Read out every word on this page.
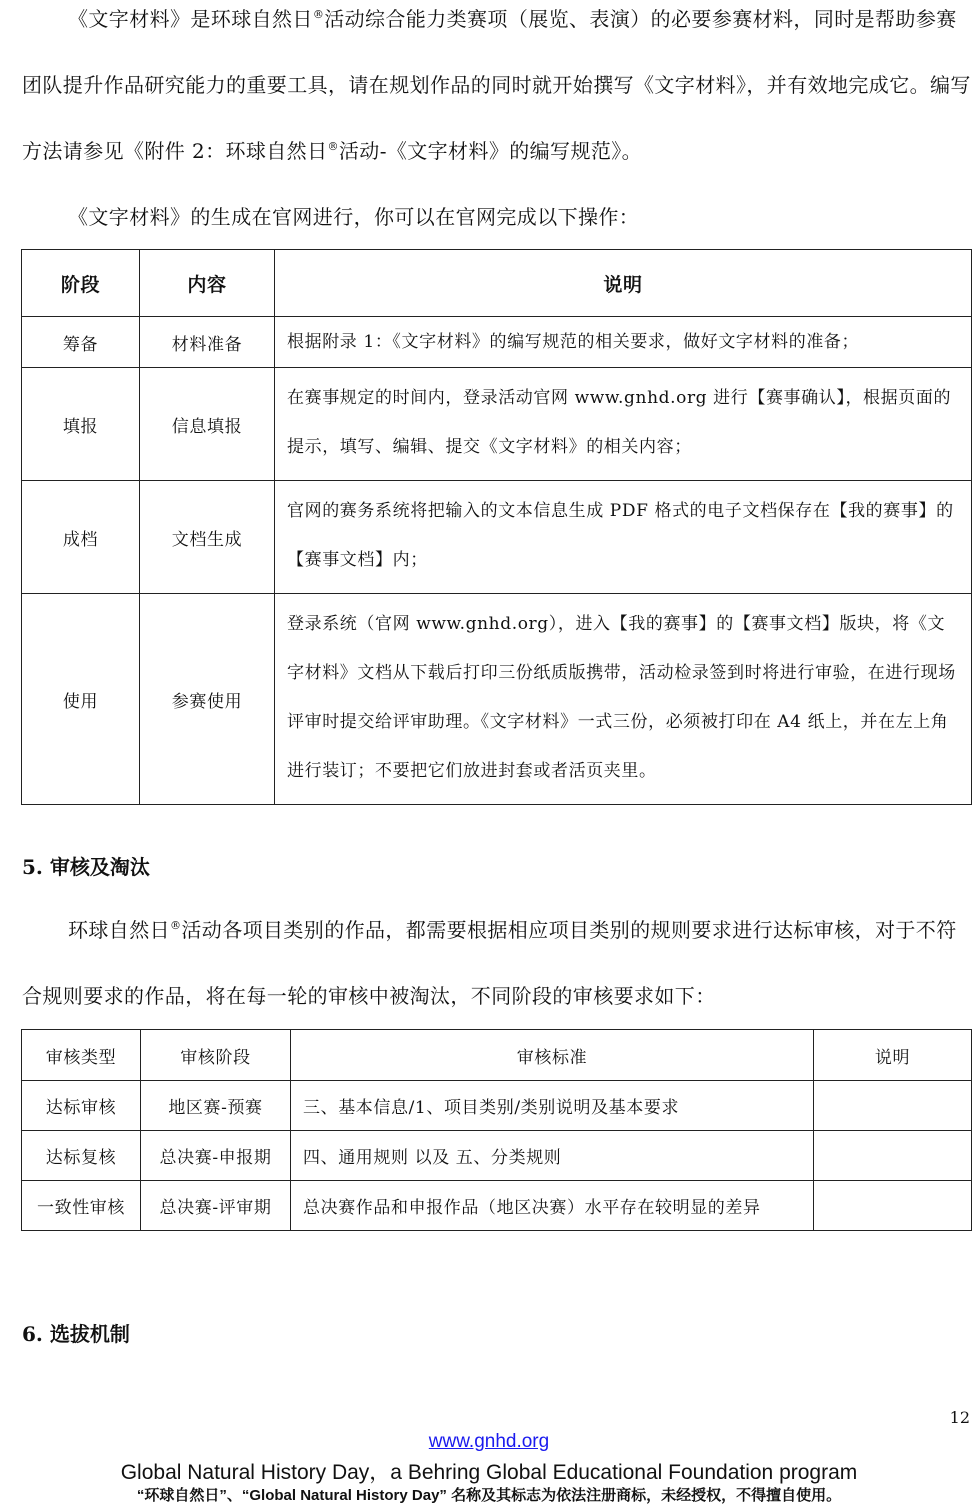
《文字材料》是环球自然日®活动综合能力类赛项（展览、表演）的必要参赛材料，同时是帮助参赛团队提升作品研究能力的重要工具，请在规划作品的同时就开始撰写《文字材料》，并有效地完成它。编写方法请参见《附件 2：环球自然日®活动-《文字材料》的编写规范》。

《文字材料》的生成在官网进行，你可以在官网完成以下操作：

阶段	内容	说明
筹备	材料准备	根据附录 1：《文字材料》的编写规范的相关要求，做好文字材料的准备；
填报	信息填报	在赛事规定的时间内，登录活动官网 www.gnhd.org 进行【赛事确认】，根据页面的提示，填写、编辑、提交《文字材料》的相关内容；
成档	文档生成	官网的赛务系统将把输入的文本信息生成 PDF 格式的电子文档保存在【我的赛事】的【赛事文档】内；
使用	参赛使用	登录系统（官网 www.gnhd.org），进入【我的赛事】的【赛事文档】版块，将《文字材料》文档从下载后打印三份纸质版携带，活动检录签到时将进行审验，在进行现场评审时提交给评审助理。《文字材料》一式三份，必须被打印在 A4 纸上，并在左上角进行装订；不要把它们放进封套或者活页夹里。

5. 审核及淘汰

环球自然日®活动各项目类别的作品，都需要根据相应项目类别的规则要求进行达标审核，对于不符合规则要求的作品，将在每一轮的审核中被淘汰，不同阶段的审核要求如下：

审核类型	审核阶段	审核标准	说明
达标审核	地区赛-预赛	三、基本信息/1、项目类别/类别说明及基本要求	
达标复核	总决赛-申报期	四、通用规则 以及 五、分类规则	
一致性审核	总决赛-评审期	总决赛作品和申报作品（地区决赛）水平存在较明显的差异	

6. 选拔机制

12
www.gnhd.org
Global Natural History Day，a Behring Global Educational Foundation program
“环球自然日”、“Global Natural History Day” 名称及其标志为依法注册商标，未经授权，不得擅自使用。
